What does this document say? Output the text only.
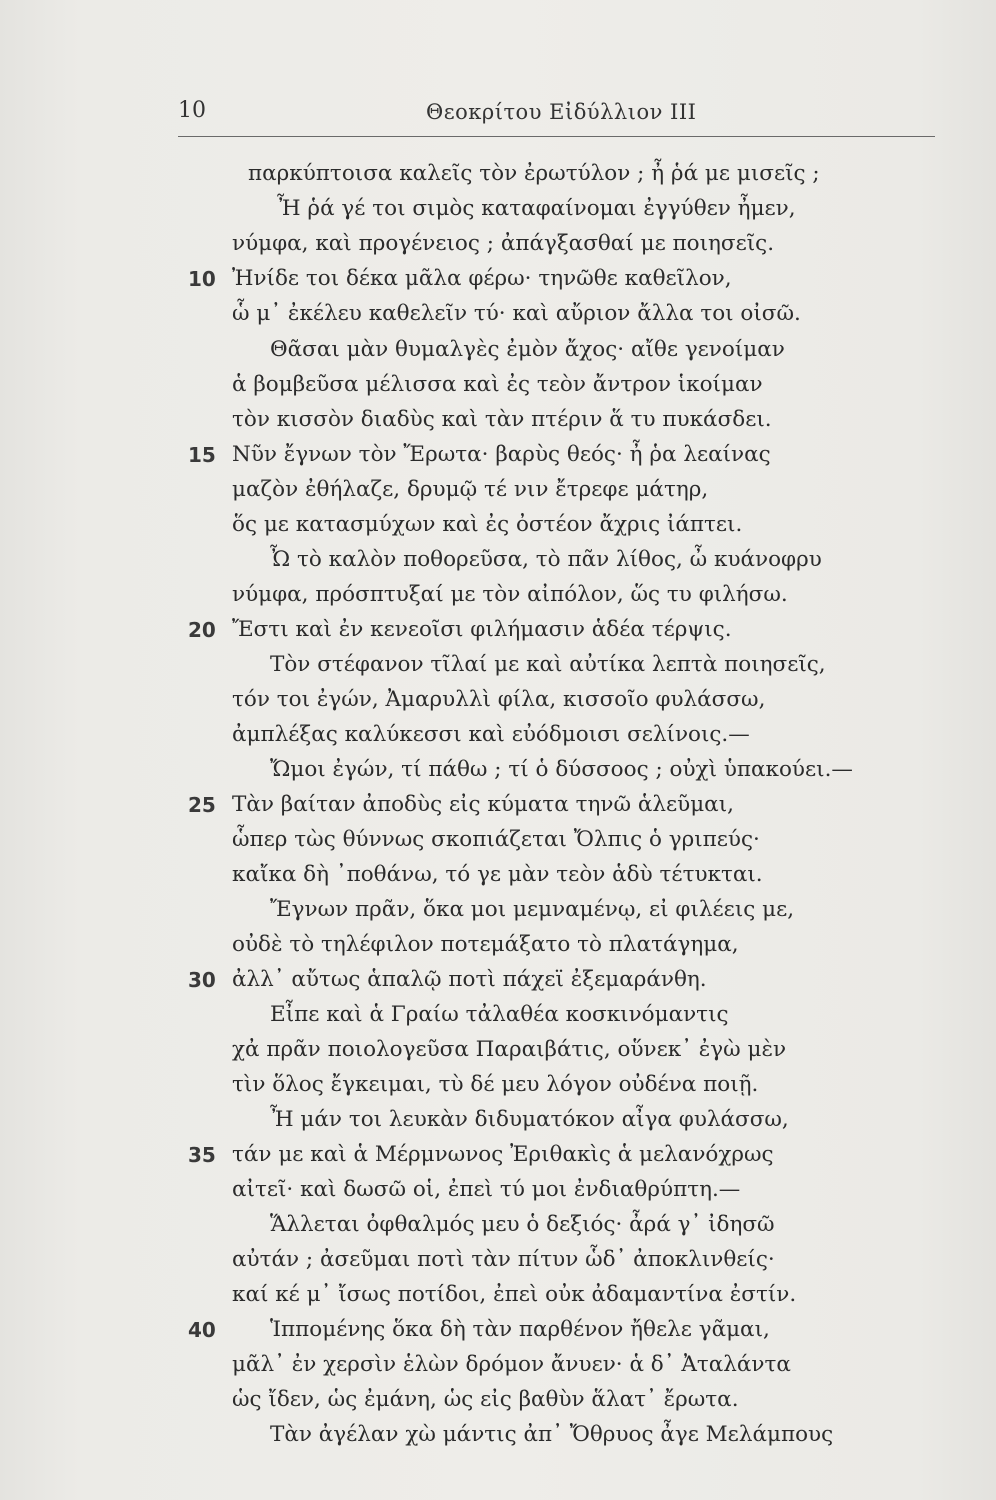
10	Θεοκρίτου Εἰδύλλιον ΙΙΙ
παρκύπτοισα καλεῖς τὸν ἐρωτύλον ; ἦ ῥά με μισεῖς ;
Ἦ ῥά γέ τοι σιμὸς καταφαίνομαι ἐγγύθεν ἦμεν,
νύμφα, καὶ προγένειος ; ἀπάγξασθαί με ποιησεῖς.
Ἠνίδε τοι δέκα μᾶλα φέρω· τηνῶθε καθεῖλον,
ὧ μ᾿ ἐκέλευ καθελεῖν τύ· καὶ αὔριον ἄλλα τοι οἰσῶ.
Θᾶσαι μὰν θυμαλγὲς ἐμὸν ἄχος· αἴθε γενοίμαν
ἁ βομβεῦσα μέλισσα καὶ ἐς τεὸν ἄντρον ἱκοίμαν
τὸν κισσὸν διαδὺς καὶ τὰν πτέριν ἅ τυ πυκάσδει.
Νῦν ἔγνων τὸν Ἔρωτα· βαρὺς θεός· ἦ ῥα λεαίνας
μαζὸν ἐθήλαζε, δρυμῷ τέ νιν ἔτρεφε μάτηρ,
ὅς με κατασμύχων καὶ ἐς ὀστέον ἄχρις ἰάπτει.
Ὦ τὸ καλὸν ποθορεῦσα, τὸ πᾶν λίθος, ὦ κυάνοφρυ
νύμφα, πρόσπτυξαί με τὸν αἰπόλον, ὥς τυ φιλήσω.
Ἔστι καὶ ἐν κενεοῖσι φιλήμασιν ἁδέα τέρψις.
Τὸν στέφανον τῖλαί με καὶ αὐτίκα λεπτὰ ποιησεῖς,
τόν τοι ἐγών, Ἀμαρυλλὶ φίλα, κισσοῖο φυλάσσω,
ἀμπλέξας καλύκεσσι καὶ εὐόδμοισι σελίνοις.—
Ὤμοι ἐγών, τί πάθω ; τί ὁ δύσσοος ; οὐχὶ ὑπακούει.—
Τὰν βαίταν ἀποδὺς εἰς κύματα τηνῶ ἁλεῦμαι,
ὧπερ τὼς θύννως σκοπιάζεται Ὄλπις ὁ γριπεύς·
καἴκα δὴ ᾿ποθάνω, τό γε μὰν τεὸν ἁδὺ τέτυκται.
Ἔγνων πρᾶν, ὅκα μοι μεμναμένῳ, εἰ φιλέεις με,
οὐδὲ τὸ τηλέφιλον ποτεμάξατο τὸ πλατάγημα,
ἀλλ᾿ αὔτως ἁπαλῷ ποτὶ πάχεϊ ἐξεμαράνθη.
Εἶπε καὶ ἁ Γραίω τἀλαθέα κοσκινόμαντις
χἀ πρᾶν ποιολογεῦσα Παραιβάτις, οὕνεκ᾿ ἐγὼ μὲν
τὶν ὅλος ἔγκειμαι, τὺ δέ μευ λόγον οὐδένα ποιῇ.
Ἦ μάν τοι λευκὰν διδυματόκον αἶγα φυλάσσω,
τάν με καὶ ἁ Μέρμνωνος Ἐριθακὶς ἁ μελανόχρως
αἰτεῖ· καὶ δωσῶ οἱ, ἐπεὶ τύ μοι ἐνδιαθρύπτη.—
Ἅλλεται ὀφθαλμός μευ ὁ δεξιός· ἆρά γ᾿ ἰδησῶ
αὐτάν ; ἀσεῦμαι ποτὶ τὰν πίτυν ὧδ᾿ ἀποκλινθείς·
καί κέ μ᾿ ἴσως ποτίδοι, ἐπεὶ οὐκ ἀδαμαντίνα ἐστίν.
Ἱππομένης ὅκα δὴ τὰν παρθένον ἤθελε γᾶμαι,
μᾶλ᾿ ἐν χερσὶν ἑλὼν δρόμον ἄνυεν· ἁ δ᾿ Ἀταλάντα
ὡς ἴδεν, ὡς ἐμάνη, ὡς εἰς βαθὺν ἅλατ᾿ ἔρωτα.
Τὰν ἀγέλαν χὼ μάντις ἀπ᾿ Ὄθρυος ἆγε Μελάμπους
10
15
20
25
30
35
40
